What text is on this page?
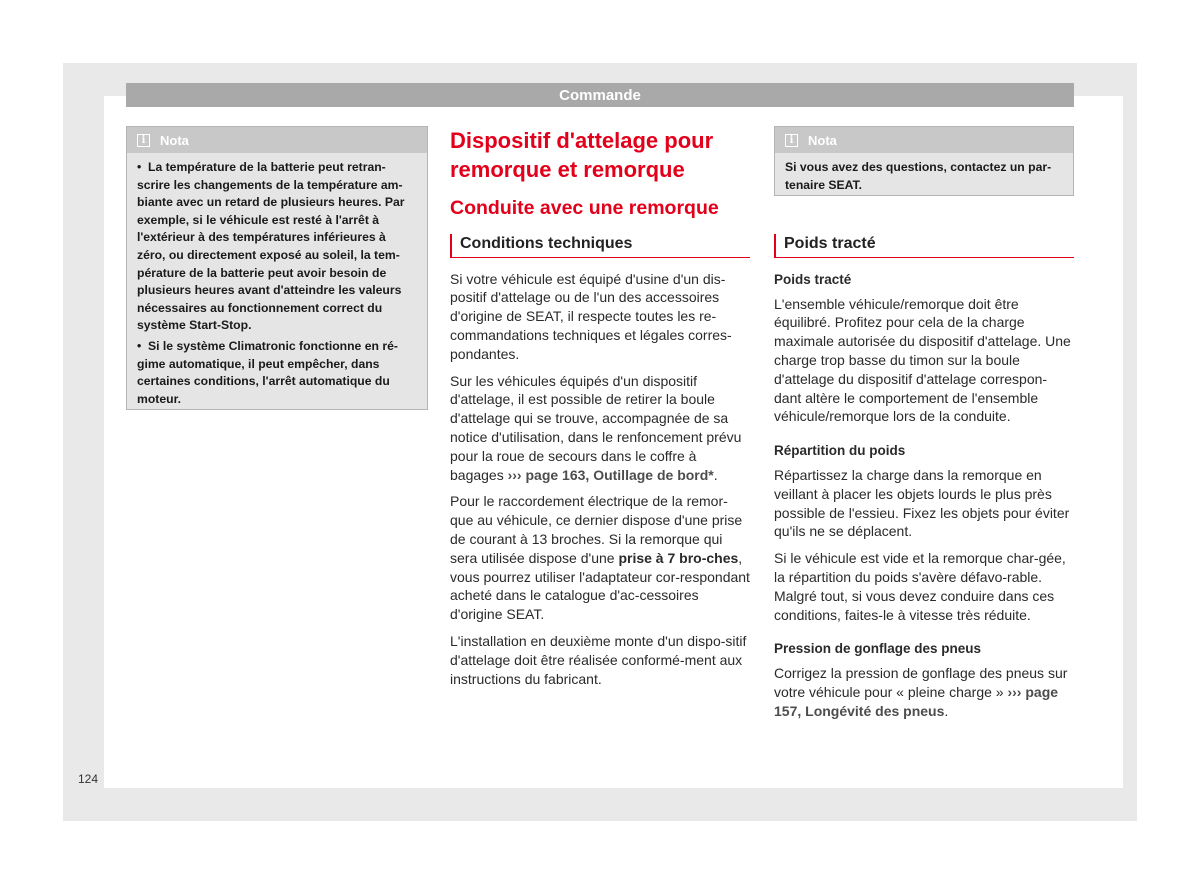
Commande
i	Nota

• La température de la batterie peut retran-scrire les changements de la température am-biante avec un retard de plusieurs heures. Par exemple, si le véhicule est resté à l'arrêt à l'extérieur à des températures inférieures à zéro, ou directement exposé au soleil, la tem-pérature de la batterie peut avoir besoin de plusieurs heures avant d'atteindre les valeurs nécessaires au fonctionnement correct du système Start-Stop.

• Si le système Climatronic fonctionne en ré-gime automatique, il peut empêcher, dans certaines conditions, l'arrêt automatique du moteur.

Dispositif d'attelage pour remorque et remorque
Conduite avec une remorque
Conditions techniques

Si votre véhicule est équipé d'usine d'un dis-positif d'attelage ou de l'un des accessoires d'origine de SEAT, il respecte toutes les re-commandations techniques et légales corres-pondantes.

Sur les véhicules équipés d'un dispositif d'attelage, il est possible de retirer la boule d'attelage qui se trouve, accompagnée de sa notice d'utilisation, dans le renfoncement prévu pour la roue de secours dans le coffre à bagages ››› page 163, Outillage de bord*.

Pour le raccordement électrique de la remor-que au véhicule, ce dernier dispose d'une prise de courant à 13 broches. Si la remorque qui sera utilisée dispose d'une prise à 7 bro-ches, vous pourrez utiliser l'adaptateur cor-respondant acheté dans le catalogue d'ac-cessoires d'origine SEAT.

L'installation en deuxième monte d'un dispo-sitif d'attelage doit être réalisée conformé-ment aux instructions du fabricant.

i	Nota
Si vous avez des questions, contactez un par-tenaire SEAT.
Poids tracté

Poids tracté

L'ensemble véhicule/remorque doit être équilibré. Profitez pour cela de la charge maximale autorisée du dispositif d'attelage. Une charge trop basse du timon sur la boule d'attelage du dispositif d'attelage correspon-dant altère le comportement de l'ensemble véhicule/remorque lors de la conduite.

Répartition du poids

Répartissez la charge dans la remorque en veillant à placer les objets lourds le plus près possible de l'essieu. Fixez les objets pour éviter qu'ils ne se déplacent.

Si le véhicule est vide et la remorque char-gée, la répartition du poids s'avère défavo-rable. Malgré tout, si vous devez conduire dans ces conditions, faites-le à vitesse très réduite.

Pression de gonflage des pneus

Corrigez la pression de gonflage des pneus sur votre véhicule pour « pleine charge » ››› page 157, Longévité des pneus.

124
